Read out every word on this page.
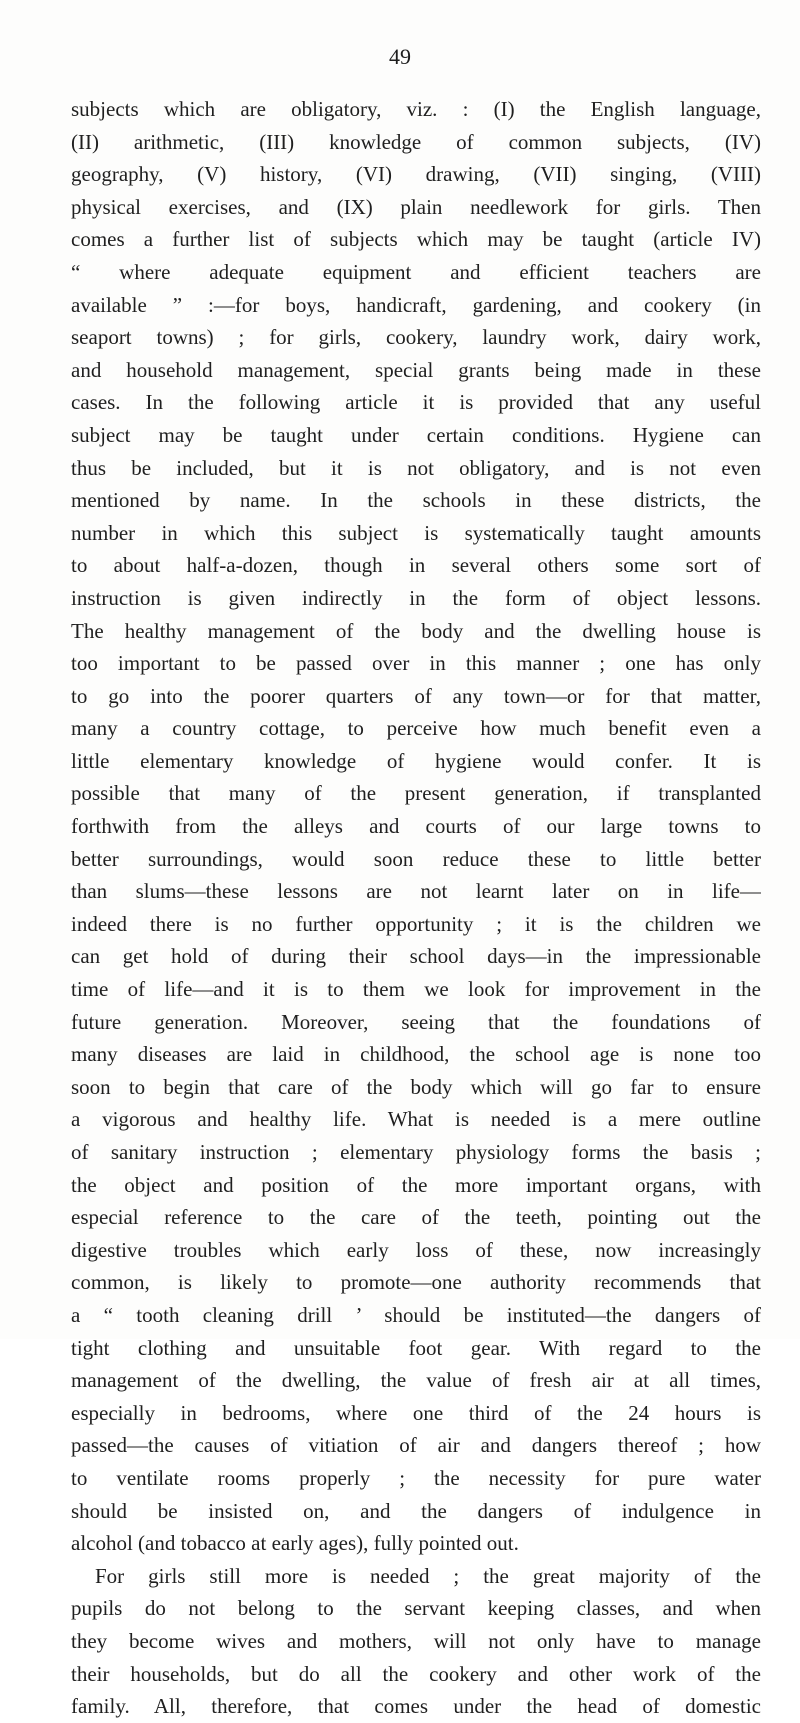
49
subjects which are obligatory, viz. : (I) the English language,
(II) arithmetic, (III) knowledge of common subjects, (IV)
geography, (V) history, (VI) drawing, (VII) singing, (VIII)
physical exercises, and (IX) plain needlework for girls. Then
comes a further list of subjects which may be taught (article IV)
“ where adequate equipment and efficient teachers are
available ” :—for boys, handicraft, gardening, and cookery (in
seaport towns) ; for girls, cookery, laundry work, dairy work,
and household management, special grants being made in these
cases. In the following article it is provided that any useful
subject may be taught under certain conditions. Hygiene can
thus be included, but it is not obligatory, and is not even
mentioned by name. In the schools in these districts, the
number in which this subject is systematically taught amounts
to about half-a-dozen, though in several others some sort of
instruction is given indirectly in the form of object lessons.
The healthy management of the body and the dwelling house is
too important to be passed over in this manner ; one has only
to go into the poorer quarters of any town—or for that matter,
many a country cottage, to perceive how much benefit even a
little elementary knowledge of hygiene would confer. It is
possible that many of the present generation, if transplanted
forthwith from the alleys and courts of our large towns to
better surroundings, would soon reduce these to little better
than slums—these lessons are not learnt later on in life—
indeed there is no further opportunity ; it is the children we
can get hold of during their school days—in the impressionable
time of life—and it is to them we look for improvement in the
future generation. Moreover, seeing that the foundations of
many diseases are laid in childhood, the school age is none too
soon to begin that care of the body which will go far to ensure
a vigorous and healthy life. What is needed is a mere outline
of sanitary instruction ; elementary physiology forms the basis ;
the object and position of the more important organs, with
especial reference to the care of the teeth, pointing out the
digestive troubles which early loss of these, now increasingly
common, is likely to promote—one authority recommends that
a “ tooth cleaning drill ’ should be instituted—the dangers of
tight clothing and unsuitable foot gear. With regard to the
management of the dwelling, the value of fresh air at all times,
especially in bedrooms, where one third of the 24 hours is
passed—the causes of vitiation of air and dangers thereof ; how
to ventilate rooms properly ; the necessity for pure water
should be insisted on, and the dangers of indulgence in
alcohol (and tobacco at early ages), fully pointed out.
For girls still more is needed ; the great majority of the
pupils do not belong to the servant keeping classes, and when
they become wives and mothers, will not only have to manage
their households, but do all the cookery and other work of the
family. All, therefore, that comes under the head of domestic
